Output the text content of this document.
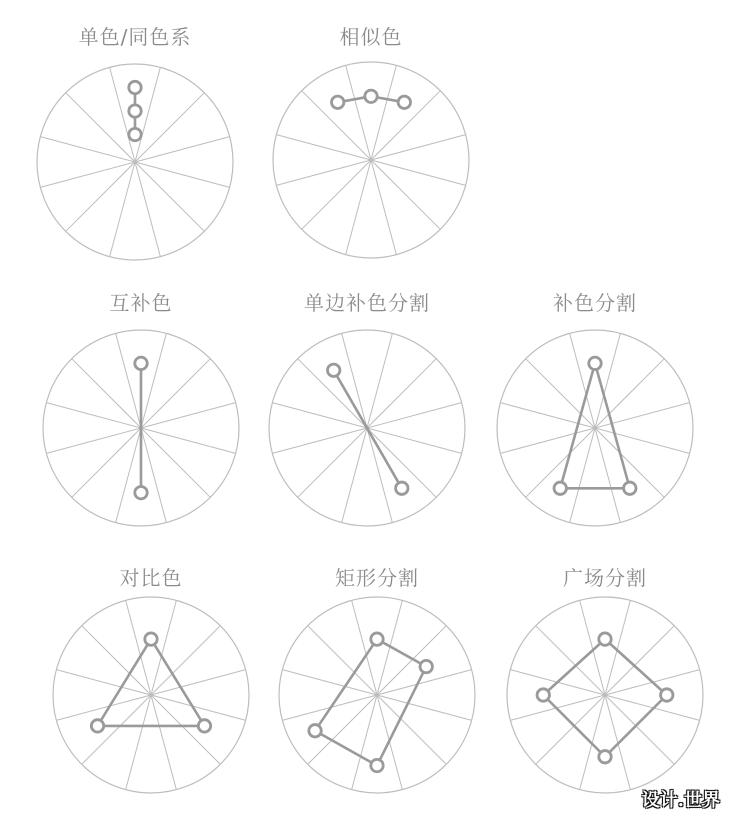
单色/同色系	相似色
互补色	单边补色分割	补色分割
对比色	矩形分割	广场分割
设计.世界
